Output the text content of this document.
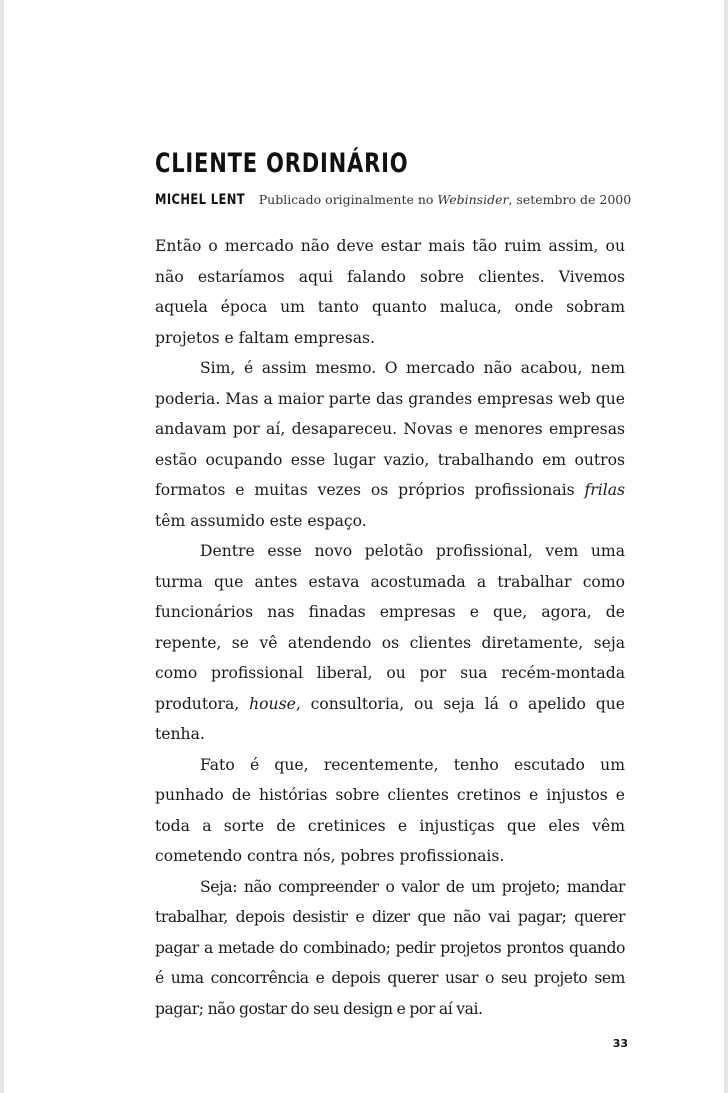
CLIENTE ORDINÁRIO
MICHEL LENT Publicado originalmente no Webinsider, setembro de 2000

Então o mercado não deve estar mais tão ruim assim, ou não estaríamos aqui falando sobre clientes. Vivemos aquela época um tanto quanto maluca, onde sobram projetos e faltam empresas.

Sim, é assim mesmo. O mercado não acabou, nem poderia. Mas a maior parte das grandes empresas web que andavam por aí, desapareceu. Novas e menores empresas estão ocupando esse lugar vazio, trabalhando em outros formatos e muitas vezes os próprios profissionais frilas têm assumido este espaço.

Dentre esse novo pelotão profissional, vem uma turma que antes estava acostumada a trabalhar como funcionários nas finadas empresas e que, agora, de repente, se vê atendendo os clientes diretamente, seja como profissional liberal, ou por sua recém-montada produtora, house, consultoria, ou seja lá o apelido que tenha.

Fato é que, recentemente, tenho escutado um punhado de histórias sobre clientes cretinos e injustos e toda a sorte de cretinices e injustiças que eles vêm cometendo contra nós, pobres profissionais.

Seja: não compreender o valor de um projeto; mandar trabalhar, depois desistir e dizer que não vai pagar; querer pagar a metade do combinado; pedir projetos prontos quando é uma concorrência e depois querer usar o seu projeto sem pagar; não gostar do seu design e por aí vai.

33
